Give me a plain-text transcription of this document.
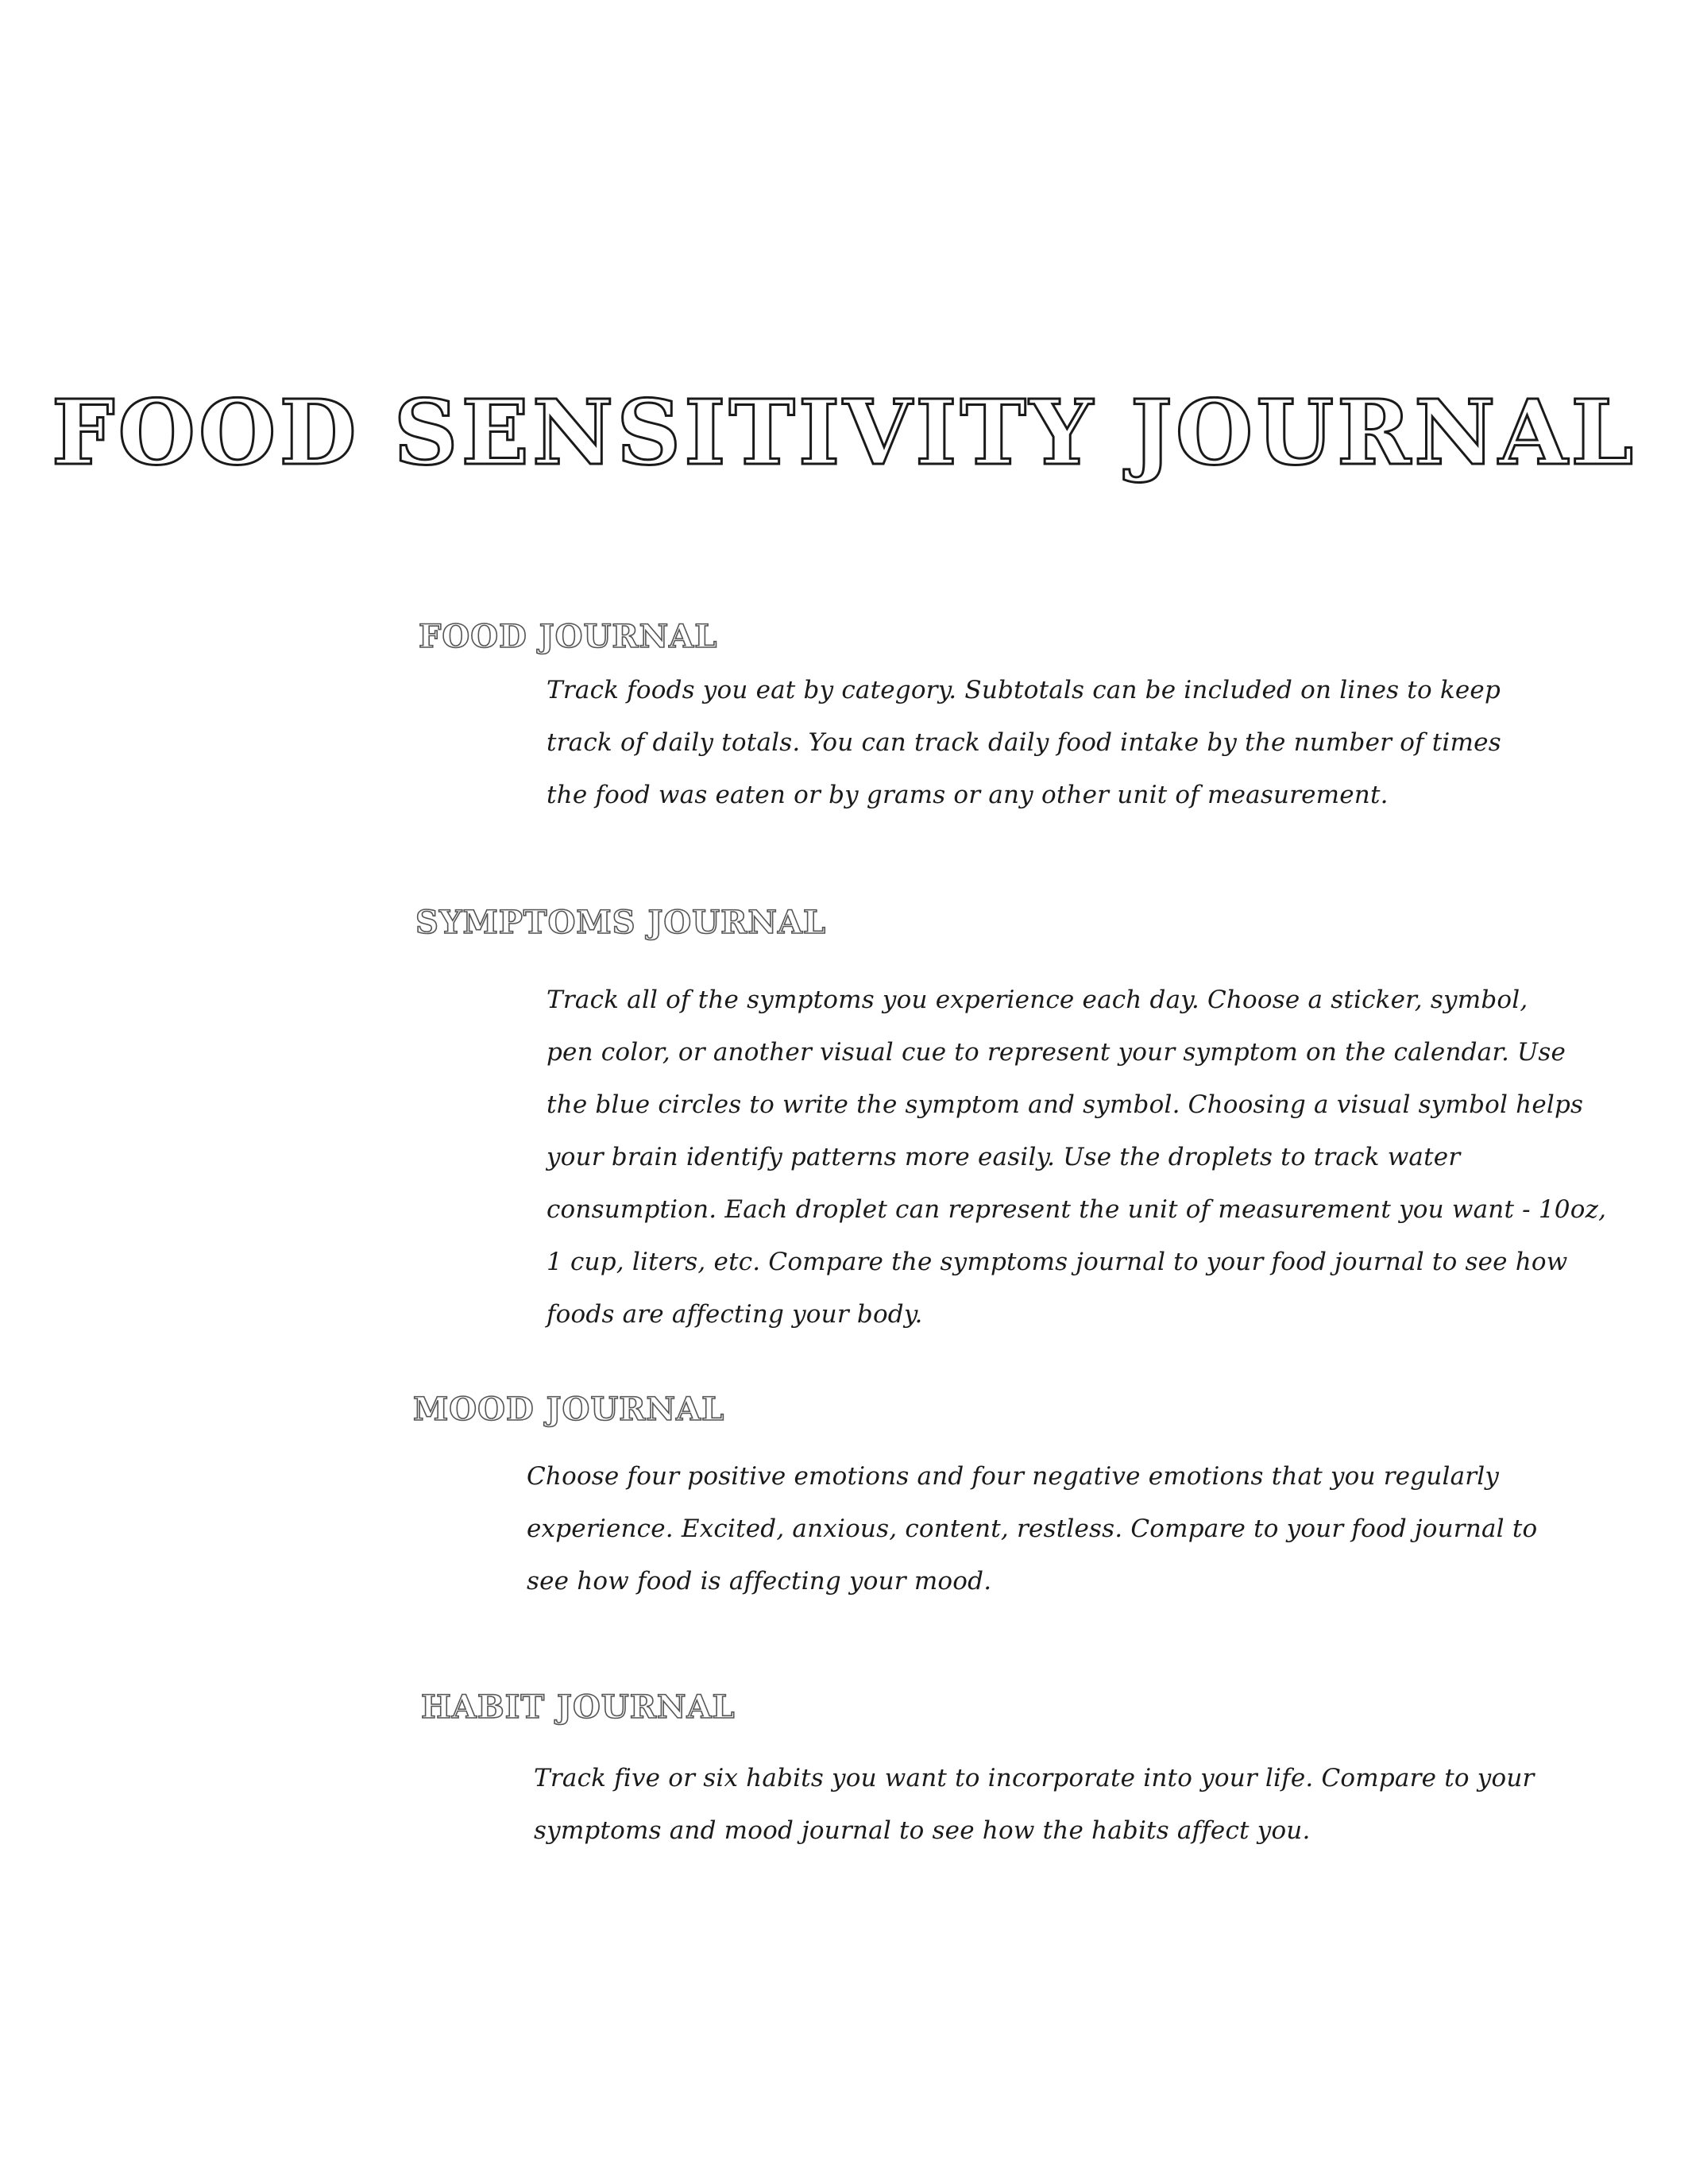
FOOD SENSITIVITY JOURNAL
FOOD JOURNAL
Track foods you eat by category. Subtotals can be included on lines to keep
track of daily totals. You can track daily food intake by the number of times
the food was eaten or by grams or any other unit of measurement.
SYMPTOMS JOURNAL
Track all of the symptoms you experience each day. Choose a sticker, symbol,
pen color, or another visual cue to represent your symptom on the calendar. Use
the blue circles to write the symptom and symbol. Choosing a visual symbol helps
your brain identify patterns more easily. Use the droplets to track water
consumption. Each droplet can represent the unit of measurement you want - 10oz,
1 cup, liters, etc. Compare the symptoms journal to your food journal to see how
foods are affecting your body.
MOOD JOURNAL
Choose four positive emotions and four negative emotions that you regularly
experience. Excited, anxious, content, restless. Compare to your food journal to
see how food is affecting your mood.
HABIT JOURNAL
Track five or six habits you want to incorporate into your life. Compare to your
symptoms and mood journal to see how the habits affect you.
